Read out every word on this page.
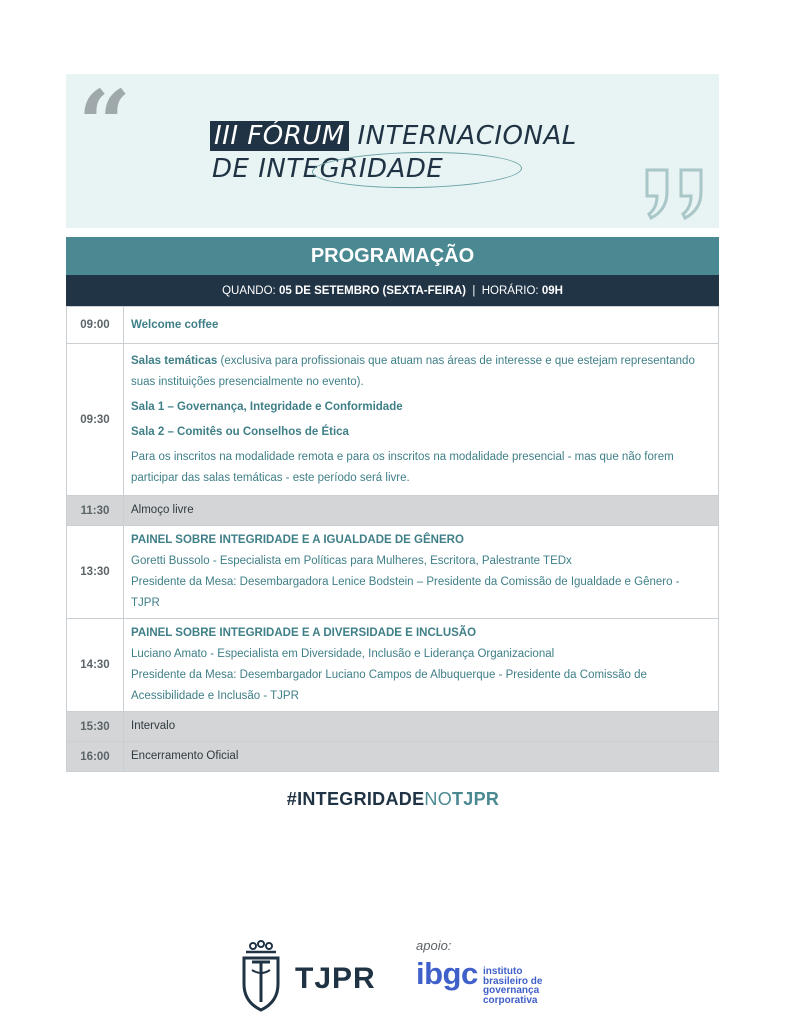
“	III FÓRUM INTERNACIONAL
DE INTEGRIDADE
PROGRAMAÇÃO
QUANDO: 05 DE SETEMBRO (SEXTA-FEIRA) | HORÁRIO: 09H
09:00	Welcome coffee
09:30	Salas temáticas (exclusiva para profissionais que atuam nas áreas de interesse e que estejam representando suas instituições presencialmente no evento).
Sala 1 – Governança, Integridade e Conformidade
Sala 2 – Comitês ou Conselhos de Ética
Para os inscritos na modalidade remota e para os inscritos na modalidade presencial - mas que não forem participar das salas temáticas - este período será livre.

11:30	Almoço livre
13:30	PAINEL SOBRE INTEGRIDADE E A IGUALDADE DE GÊNERO
Goretti Bussolo - Especialista em Políticas para Mulheres, Escritora, Palestrante TEDx
Presidente da Mesa: Desembargadora Lenice Bodstein – Presidente da Comissão de Igualdade e Gênero - TJPR

14:30	PAINEL SOBRE INTEGRIDADE E A DIVERSIDADE E INCLUSÃO
Luciano Amato - Especialista em Diversidade, Inclusão e Liderança Organizacional
Presidente da Mesa: Desembargador Luciano Campos de Albuquerque - Presidente da Comissão de Acessibilidade e Inclusão - TJPR

15:30	Intervalo
16:00	Encerramento Oficial
#INTEGRIDADENOTJPR
TJPR
apoio:
ibgc instituto
brasileiro de
governança
corporativa
